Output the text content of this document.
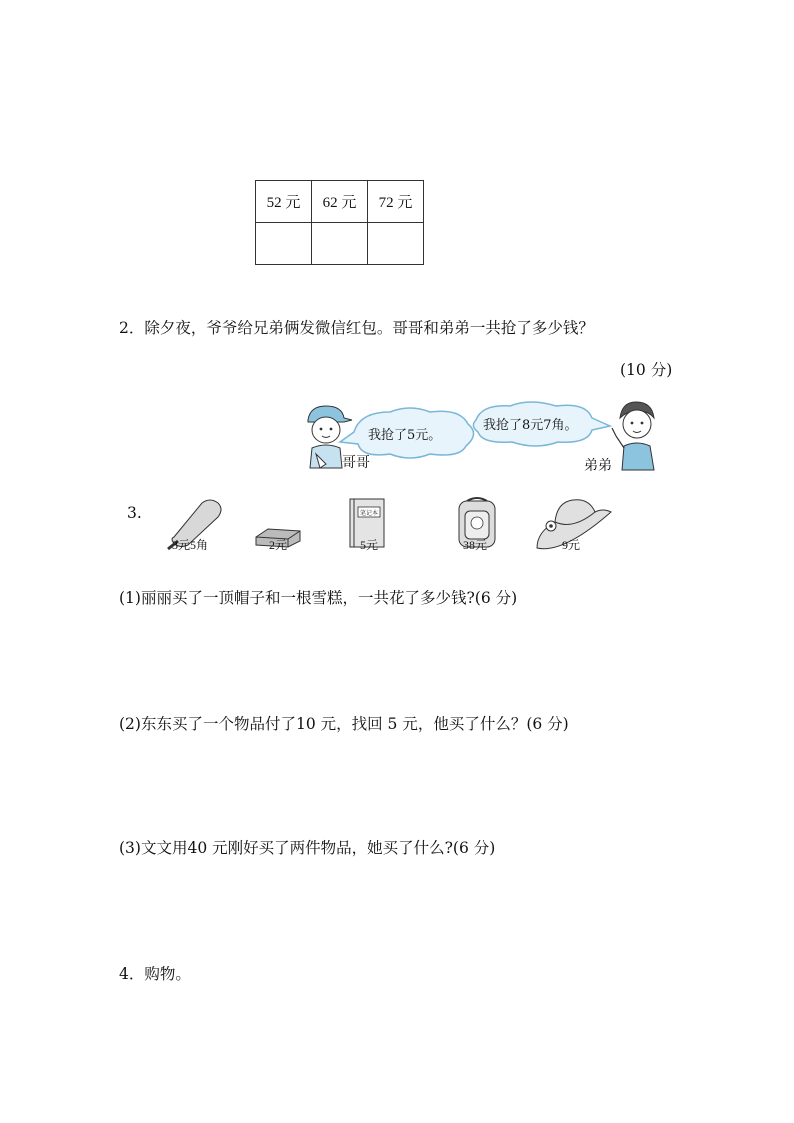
52 元	62 元	72 元

2．除夕夜，爷爷给兄弟俩发微信红包。哥哥和弟弟一共抢了多少钱？
(10 分)
我抢了5元。
我抢了8元7角。
哥哥	弟弟
3.
3元5角	2元
笔记本
5元	38元	9元
(1)丽丽买了一顶帽子和一根雪糕，一共花了多少钱?(6 分)
(2)东东买了一个物品付了10 元，找回 5 元，他买了什么？(6 分)
(3)文文用40 元刚好买了两件物品，她买了什么?(6 分)
4．购物。
